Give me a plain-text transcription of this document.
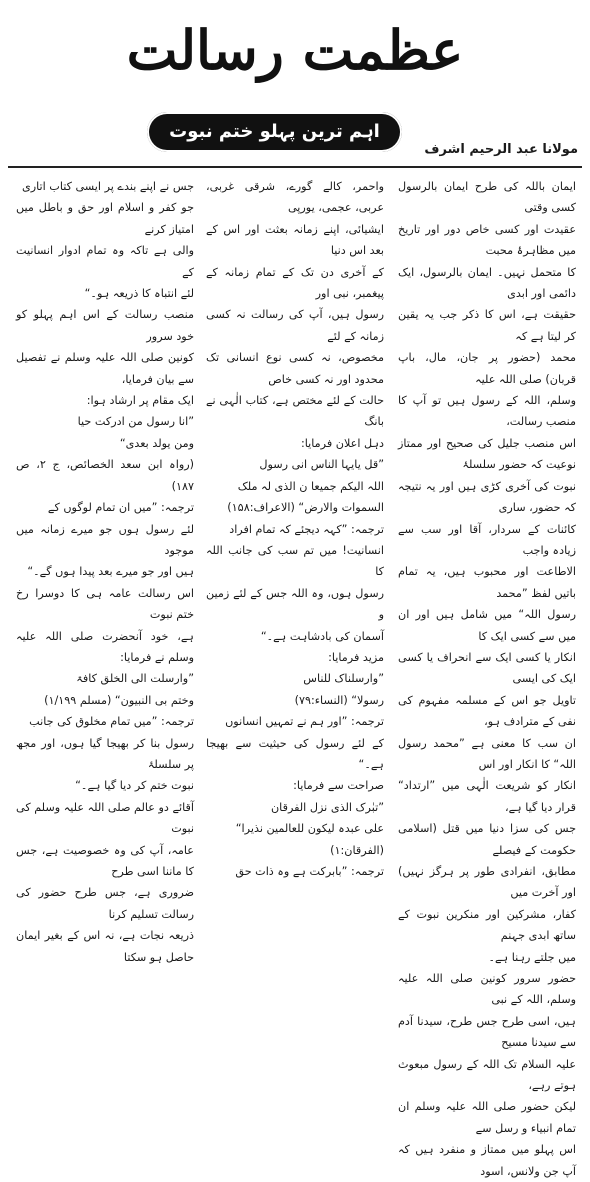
عظمت رسالت
اہم ترین پہلو ختم نبوت
مولانا عبد الرحیم اشرف
ایمان باللہ کی طرح ایمان بالرسول کسی وقتی
عقیدت اور کسی خاص دور اور تاریخ میں مظاہرۂ محبت
کا متحمل نہیں۔ ایمان بالرسول، ایک دائمی اور ابدی
حقیقت ہے، اس کا ذکر جب یہ یقین کر لیتا ہے کہ
محمد (حضور پر جان، مال، باپ قربان) صلی اللہ علیہ
وسلم، اللہ کے رسول ہیں تو آپ کا منصب رسالت،
اس منصب جلیل کی صحیح اور ممتاز نوعیت کہ حضور سلسلۂ
نبوت کی آخری کڑی ہیں اور یہ نتیجہ کہ حضور، ساری
کائنات کے سردار، آقا اور سب سے زیادہ واجب
الاطاعت اور محبوب ہیں، یہ تمام باتیں لفظ ”محمد
رسول اللہ“ میں شامل ہیں اور ان میں سے کسی ایک کا
انکار یا کسی ایک سے انحراف یا کسی ایک کی ایسی
تاویل جو اس کے مسلمہ مفہوم کی نفی کے مترادف ہو،
ان سب کا معنی ہے ”محمد رسول اللہ“ کا انکار اور اس
انکار کو شریعت الٰہی میں ”ارتداد“ قرار دیا گیا ہے،
جس کی سزا دنیا میں قتل (اسلامی حکومت کے فیصلے
مطابق، انفرادی طور پر ہرگز نہیں) اور آخرت میں
کفار، مشرکین اور منکرین نبوت کے ساتھ ابدی جہنم
میں جلتے رہنا ہے۔
حضور سرور کونین صلی اللہ علیہ وسلم، اللہ کے نبی
ہیں، اسی طرح جس طرح، سیدنا آدم سے سیدنا مسیح
علیہ السلام تک اللہ کے رسول مبعوث ہوتے رہے،
لیکن حضور صلی اللہ علیہ وسلم ان تمام انبیاء و رسل سے
اس پہلو میں ممتاز و منفرد ہیں کہ آپ جن ولانس، اسود
واحمر، کالے گورے، شرقی غربی، عربی، عجمی، یورپی
ایشیائی، اپنے زمانہ بعثت اور اس کے بعد اس دنیا
کے آخری دن تک کے تمام زمانہ کے پیغمبر، نبی اور
رسول ہیں، آپ کی رسالت نہ کسی زمانہ کے لئے
مخصوص، نہ کسی نوع انسانی تک محدود اور نہ کسی خاص
حالت کے لئے مختص ہے، کتاب الٰہی نے بانگ
دہل اعلان فرمایا:
”قل یایہا الناس انی رسول
اللہ الیکم جمیعا ن الذی لہ ملک
السموات والارض“ (الاعراف:۱۵۸)
ترجمہ: ”کہہ دیجئے کہ تمام افراد
انسانیت! میں تم سب کی جانب اللہ کا
رسول ہوں، وہ اللہ جس کے لئے زمین و
آسمان کی بادشاہت ہے۔“
مزید فرمایا:
”وارسلناک للناس
رسولا“ (النساء:۷۹)
ترجمہ: ”اور ہم نے تمہیں انسانوں
کے لئے رسول کی حیثیت سے بھیجا ہے۔“
صراحت سے فرمایا:
”تبٰرک الذی نزل الفرقان
علی عبدہ لیکون للعالمین نذیرا“
(الفرقان:۱)
ترجمہ: ”بابرکت ہے وہ ذات حق
جس نے اپنے بندے پر ایسی کتاب اتاری
جو کفر و اسلام اور حق و باطل میں امتیاز کرنے
والی ہے تاکہ وہ تمام ادوار انسانیت کے
لئے انتباہ کا ذریعہ ہو۔“
منصب رسالت کے اس اہم پہلو کو خود سرور
کونین صلی اللہ علیہ وسلم نے تفصیل سے بیان فرمایا،
ایک مقام پر ارشاد ہوا:
”انا رسول من ادرکت حیا
ومن یولد بعدی“
(رواہ ابن سعد الخصائص، ج ۲، ص ۱۸۷)
ترجمہ: ”میں ان تمام لوگوں کے
لئے رسول ہوں جو میرے زمانہ میں موجود
ہیں اور جو میرے بعد پیدا ہوں گے۔“
اس رسالت عامہ ہی کا دوسرا رخ ختم نبوت
ہے، خود آنحضرت صلی اللہ علیہ وسلم نے فرمایا:
”وارسلت الی الخلق کافۃ
وختم بی النبیون“ (مسلم ۱/۱۹۹)
ترجمہ: ”میں تمام مخلوق کی جانب
رسول بنا کر بھیجا گیا ہوں، اور مجھ پر سلسلۂ
نبوت ختم کر دیا گیا ہے۔“
آقائے دو عالم صلی اللہ علیہ وسلم کی نبوت
عامہ، آپ کی وہ خصوصیت ہے، جس کا ماننا اسی طرح
ضروری ہے، جس طرح حضور کی رسالت تسلیم کرنا
ذریعہ نجات ہے، نہ اس کے بغیر ایمان حاصل ہو سکتا
